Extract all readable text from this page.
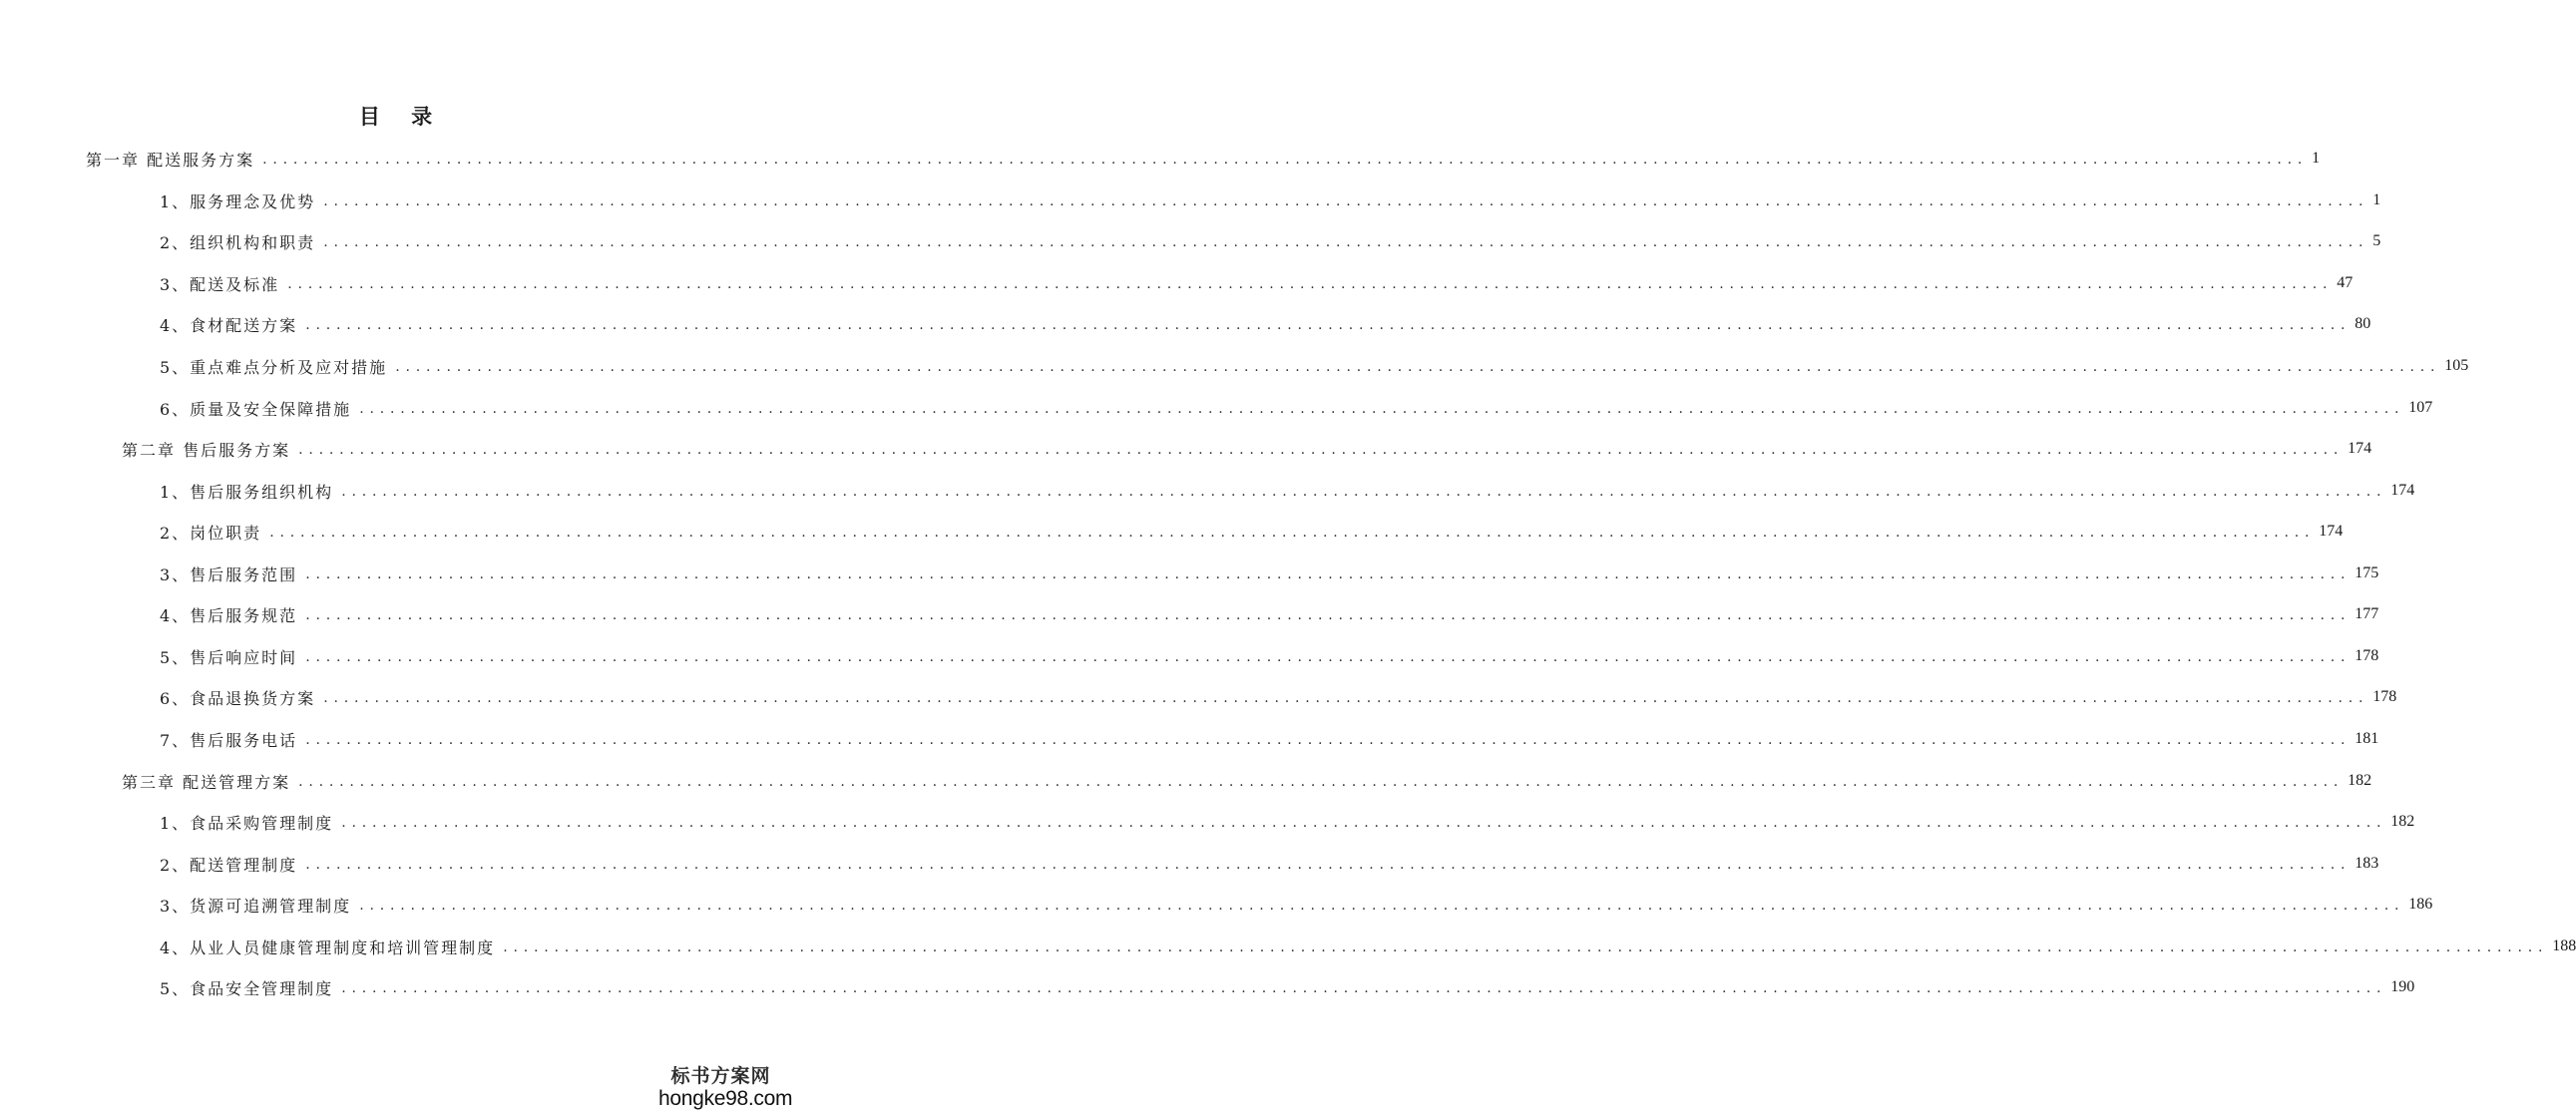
目 录
第一章 配送服务方案 ........................................................................................................................................................................................................ 1
1、服务理念及优势 ........................................................................................................................................................................................................ 1
2、组织机构和职责 ........................................................................................................................................................................................................ 5
3、配送及标准 ........................................................................................................................................................................................................ 47
4、食材配送方案 ........................................................................................................................................................................................................ 80
5、重点难点分析及应对措施 ........................................................................................................................................................................................................ 105
6、质量及安全保障措施 ........................................................................................................................................................................................................ 107
第二章 售后服务方案 ........................................................................................................................................................................................................ 174
1、售后服务组织机构 ........................................................................................................................................................................................................ 174
2、岗位职责 ........................................................................................................................................................................................................ 174
3、售后服务范围 ........................................................................................................................................................................................................ 175
4、售后服务规范 ........................................................................................................................................................................................................ 177
5、售后响应时间 ........................................................................................................................................................................................................ 178
6、食品退换货方案 ........................................................................................................................................................................................................ 178
7、售后服务电话 ........................................................................................................................................................................................................ 181
第三章 配送管理方案 ........................................................................................................................................................................................................ 182
1、食品采购管理制度 ........................................................................................................................................................................................................ 182
2、配送管理制度 ........................................................................................................................................................................................................ 183
3、货源可追溯管理制度 ........................................................................................................................................................................................................ 186
4、从业人员健康管理制度和培训管理制度 ........................................................................................................................................................................................................ 188
5、食品安全管理制度 ........................................................................................................................................................................................................ 190
标书方案网
hongke98.com
